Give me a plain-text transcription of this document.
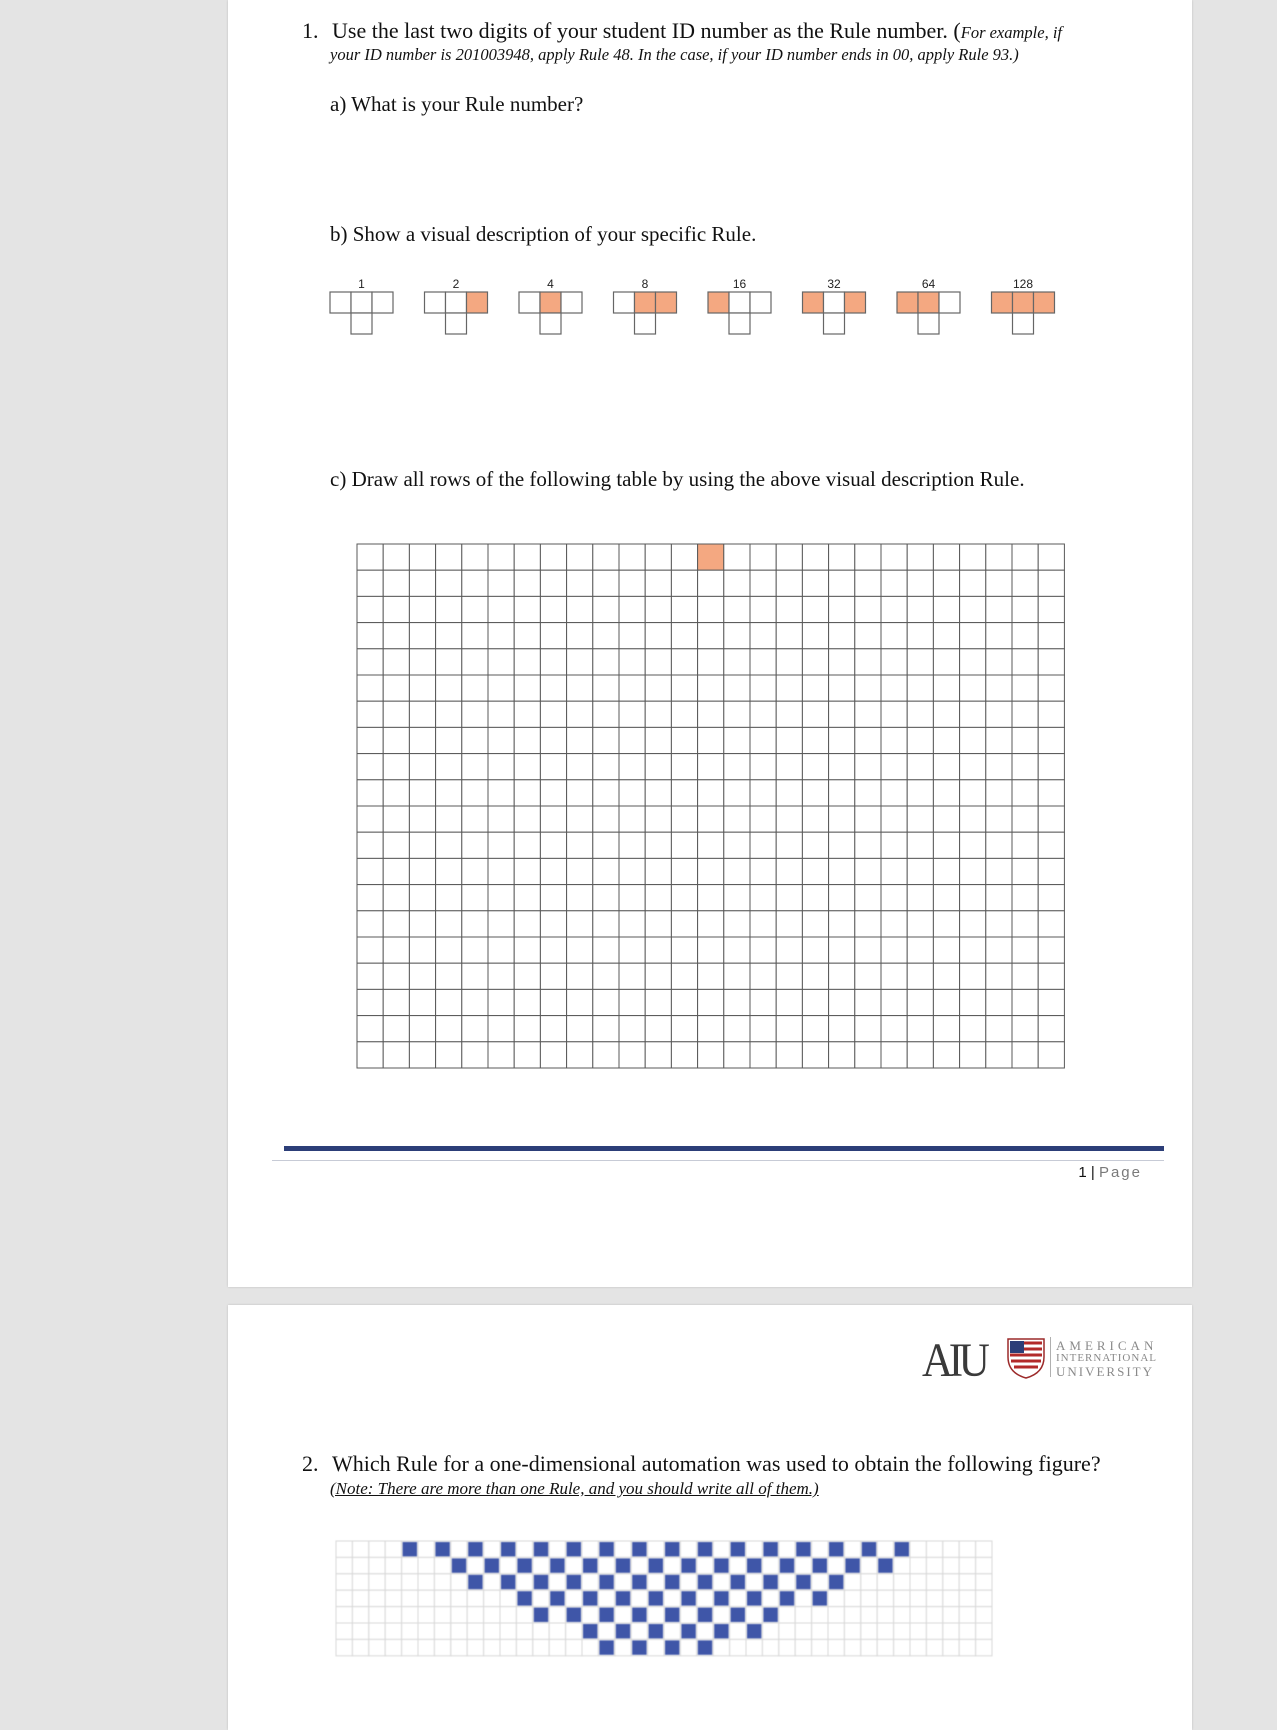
1. Use the last two digits of your student ID number as the Rule number. (For example, if
your ID number is 201003948, apply Rule 48. In the case, if your ID number ends in 00, apply Rule 93.)
a) What is your Rule number?
b) Show a visual description of your specific Rule.
1	2	4	8	16	32	64	128
c) Draw all rows of the following table by using the above visual description Rule.
1 | Page
AIU	AMERICAN
INTERNATIONAL
UNIVERSITY
2. Which Rule for a one-dimensional automation was used to obtain the following figure?
(Note: There are more than one Rule, and you should write all of them.)
